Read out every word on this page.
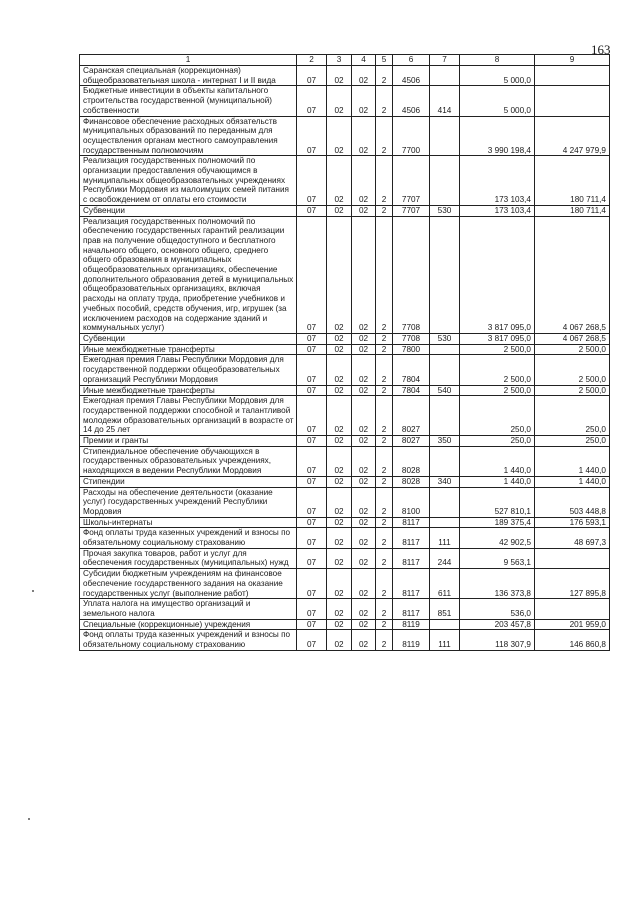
163
1	2	3	4	5	6	7	8	9
Саранская специальная (коррекционная) общеобразовательная школа - интернат I и II вида	07	02	02	2	4506		5 000,0	
Бюджетные инвестиции в объекты капитального строительства государственной (муниципальной) собственности	07	02	02	2	4506	414	5 000,0	
Финансовое обеспечение расходных обязательств муниципальных образований по переданным для осуществления органам местного самоуправления государственным полномочиям	07	02	02	2	7700		3 990 198,4	4 247 979,9
Реализация государственных полномочий по организации предоставления обучающимся в муниципальных общеобразовательных учреждениях Республики Мордовия из малоимущих семей питания с освобождением от оплаты его стоимости	07	02	02	2	7707		173 103,4	180 711,4
Субвенции	07	02	02	2	7707	530	173 103,4	180 711,4
Реализация государственных полномочий по обеспечению государственных гарантий реализации прав на получение общедоступного и бесплатного начального общего, основного общего, среднего общего образования в муниципальных общеобразовательных организациях, обеспечение дополнительного образования детей в муниципальных общеобразовательных организациях, включая расходы на оплату труда, приобретение учебников и учебных пособий, средств обучения, игр, игрушек (за исключением расходов на содержание зданий и коммунальных услуг)	07	02	02	2	7708		3 817 095,0	4 067 268,5
Субвенции	07	02	02	2	7708	530	3 817 095,0	4 067 268,5
Иные межбюджетные трансферты	07	02	02	2	7800		2 500,0	2 500,0
Ежегодная премия Главы Республики Мордовия для государственной поддержки общеобразовательных организаций Республики Мордовия	07	02	02	2	7804		2 500,0	2 500,0
Иные межбюджетные трансферты	07	02	02	2	7804	540	2 500,0	2 500,0
Ежегодная премия Главы Республики Мордовия для государственной поддержки способной и талантливой молодежи образовательных организаций в возрасте от 14 до 25 лет	07	02	02	2	8027		250,0	250,0
Премии и гранты	07	02	02	2	8027	350	250,0	250,0
Стипендиальное обеспечение обучающихся в государственных образовательных учреждениях, находящихся в ведении Республики Мордовия	07	02	02	2	8028		1 440,0	1 440,0
Стипендии	07	02	02	2	8028	340	1 440,0	1 440,0
Расходы на обеспечение деятельности (оказание услуг) государственных учреждений Республики Мордовия	07	02	02	2	8100		527 810,1	503 448,8
Школы-интернаты	07	02	02	2	8117		189 375,4	176 593,1
Фонд оплаты труда казенных учреждений и взносы по обязательному социальному страхованию	07	02	02	2	8117	111	42 902,5	48 697,3
Прочая закупка товаров, работ и услуг для обеспечения государственных (муниципальных) нужд	07	02	02	2	8117	244	9 563,1	
Субсидии бюджетным учреждениям на финансовое обеспечение государственного задания на оказание государственных услуг (выполнение работ)	07	02	02	2	8117	611	136 373,8	127 895,8
Уплата налога на имущество организаций и земельного налога	07	02	02	2	8117	851	536,0	
Специальные (коррекционные) учреждения	07	02	02	2	8119		203 457,8	201 959,0
Фонд оплаты труда казенных учреждений и взносы по обязательному социальному страхованию	07	02	02	2	8119	111	118 307,9	146 860,8
